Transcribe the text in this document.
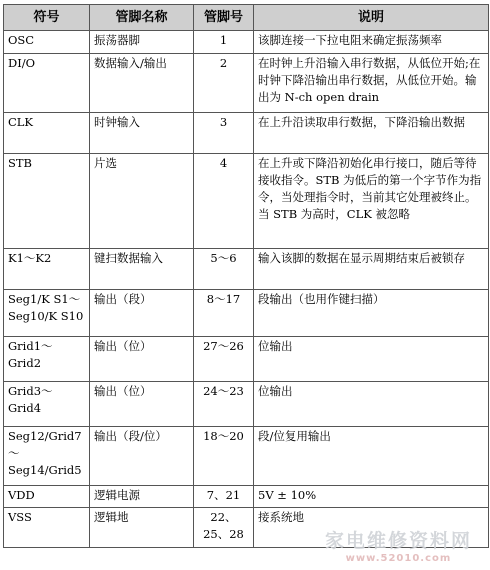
符号	管脚名称	管脚号	说明
OSC	振荡器脚	1	该脚连接一下拉电阻来确定振荡频率
DI/O	数据输入/输出	2	在时钟上升沿输入串行数据，从低位开始;在时钟下降沿输出串行数据，从低位开始。输出为 N-ch open drain
CLK	时钟输入	3	在上升沿读取串行数据，下降沿输出数据
STB	片选	4	在上升或下降沿初始化串行接口，随后等待接收指令。STB 为低后的第一个字节作为指令，当处理指令时，当前其它处理被终止。当 STB 为高时，CLK 被忽略
K1～K2	键扫数据输入	5～6	输入该脚的数据在显示周期结束后被锁存
Seg1/K S1～Seg10/K S10	输出（段）	8～17	段输出（也用作键扫描）
Grid1～Grid2	输出（位）	27～26	位输出
Grid3～Grid4	输出（位）	24～23	位输出
Seg12/Grid7～Seg14/Grid5	输出（段/位）	18～20	段/位复用输出
VDD	逻辑电源	7、21	5V ± 10%
VSS	逻辑地	22、25、28	接系统地
家电维修资料网
www.52010.com
